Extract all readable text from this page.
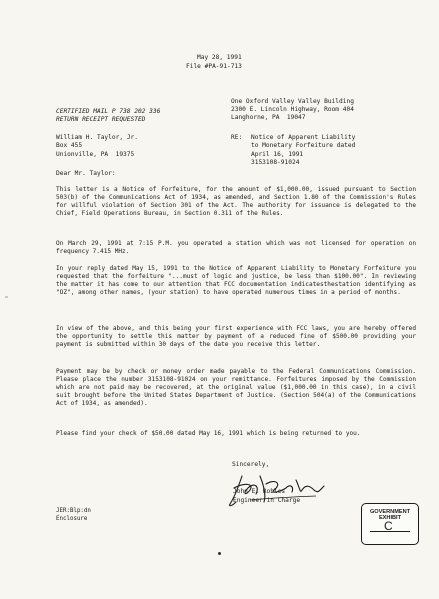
May 28, 1991
File #PA-91-713
One Oxford Valley Valley Building
2300 E. Lincoln Highway, Room 404
Langhorne, PA  19047
CERTIFIED MAIL P 738 202 336
RETURN RECEIPT REQUESTED
William H. Taylor, Jr.
Box 455
Unionville, PA  19375
RE: Notice of Apparent Liability
to Monetary Forfeiture dated
April 16, 1991
3153108-91024
Dear Mr. Taylor:
This letter is a Notice of Forfeiture, for the amount of $1,000.00, issued pursuant to Section 503(b) of the Communications Act of 1934, as amended, and Section 1.80 of the Commission's Rules for willful violation of Section 301 of the Act. The authority for issuance is delegated to the Chief, Field Operations Bureau, in Section 0.311 of the Rules.
On March 29, 1991 at 7:15 P.M. you operated a station which was not licensed for operation on frequency 7.415 MHz.
In your reply dated May 15, 1991 to the Notice of Apparent Liability to Monetary Forfeiture you requested that the forfeiture "...must of logic and justice, be less than $100.00". In reviewing the matter it has come to our attention that FCC documentation indicatesthestation identifying as "OZ", among other names, (your station) to have operated numerous times in a period of months.
In view of the above, and this being your first experience with FCC laws, you are hereby offered the opportunity to settle this matter by payment of a reduced fine of $500.00 providing your payment is submitted within 30 days of the date you receive this letter.
Payment may be by check or money order made payable to the Federal Communications Commission. Please place the number 3153108-91024 on your remittance. Forfeitures imposed by the Commission which are not paid may be recovered, at the original value ($1,000.00 in this case), in a civil suit brought before the United States Department of Justice. (Section 504(a) of the Communications Act of 1934, as amended).
Please find your check of $50.00 dated May 16, 1991 which is being returned to you.
Sincerely,
John E. Robles
Engineer in Charge
JER:Blp:dn
Enclosure
GOVERNMENT
EXHIBIT
C
™
